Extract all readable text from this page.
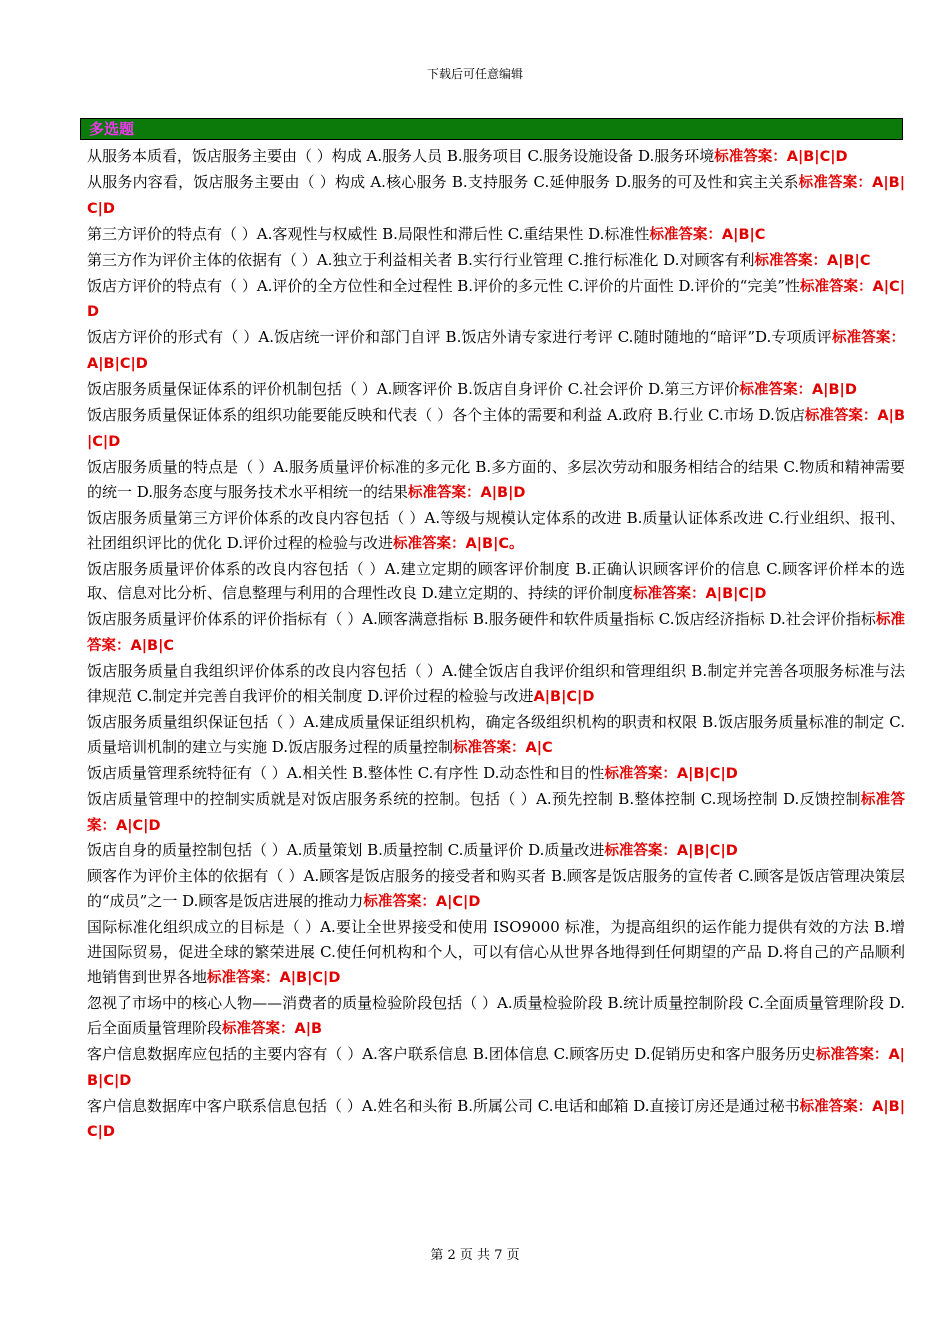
下载后可任意编辑
多选题

从服务本质看，饭店服务主要由（ ）构成 A.服务人员 B.服务项目 C.服务设施设备 D.服务环境标准答案：A|B|C|D

从服务内容看，饭店服务主要由（ ）构成 A.核心服务 B.支持服务 C.延伸服务 D.服务的可及性和宾主关系标准答案：A|B|C|D

第三方评价的特点有（ ）A.客观性与权威性 B.局限性和滞后性 C.重结果性 D.标准性标准答案：A|B|C

第三方作为评价主体的依据有（ ）A.独立于利益相关者 B.实行行业管理 C.推行标准化 D.对顾客有利标准答案：A|B|C

饭店方评价的特点有（ ）A.评价的全方位性和全过程性 B.评价的多元性 C.评价的片面性 D.评价的“完美”性标准答案：A|C|D

饭店方评价的形式有（ ）A.饭店统一评价和部门自评 B.饭店外请专家进行考评 C.随时随地的“暗评”D.专项质评标准答案：A|B|C|D

饭店服务质量保证体系的评价机制包括（ ）A.顾客评价 B.饭店自身评价 C.社会评价 D.第三方评价标准答案：A|B|D

饭店服务质量保证体系的组织功能要能反映和代表（ ）各个主体的需要和利益 A.政府 B.行业 C.市场 D.饭店标准答案：A|B|C|D

饭店服务质量的特点是（ ）A.服务质量评价标准的多元化 B.多方面的、多层次劳动和服务相结合的结果 C.物质和精神需要的统一 D.服务态度与服务技术水平相统一的结果标准答案：A|B|D

饭店服务质量第三方评价体系的改良内容包括（ ）A.等级与规模认定体系的改进 B.质量认证体系改进 C.行业组织、报刊、社团组织评比的优化 D.评价过程的检验与改进标准答案：A|B|C。

饭店服务质量评价体系的改良内容包括（ ）A.建立定期的顾客评价制度 B.正确认识顾客评价的信息 C.顾客评价样本的选取、信息对比分析、信息整理与利用的合理性改良 D.建立定期的、持续的评价制度标准答案：A|B|C|D

饭店服务质量评价体系的评价指标有（ ）A.顾客满意指标 B.服务硬件和软件质量指标 C.饭店经济指标 D.社会评价指标标准答案：A|B|C

饭店服务质量自我组织评价体系的改良内容包括（ ）A.健全饭店自我评价组织和管理组织 B.制定并完善各项服务标准与法律规范 C.制定并完善自我评价的相关制度 D.评价过程的检验与改进A|B|C|D

饭店服务质量组织保证包括（ ）A.建成质量保证组织机构，确定各级组织机构的职责和权限 B.饭店服务质量标准的制定 C.质量培训机制的建立与实施 D.饭店服务过程的质量控制标准答案：A|C

饭店质量管理系统特征有（ ）A.相关性 B.整体性 C.有序性 D.动态性和目的性标准答案：A|B|C|D

饭店质量管理中的控制实质就是对饭店服务系统的控制。包括（ ）A.预先控制 B.整体控制 C.现场控制 D.反馈控制标准答案：A|C|D

饭店自身的质量控制包括（ ）A.质量策划 B.质量控制 C.质量评价 D.质量改进标准答案：A|B|C|D

顾客作为评价主体的依据有（ ）A.顾客是饭店服务的接受者和购买者 B.顾客是饭店服务的宣传者 C.顾客是饭店管理决策层的“成员”之一 D.顾客是饭店进展的推动力标准答案：A|C|D

国际标准化组织成立的目标是（ ）A.要让全世界接受和使用 ISO9000 标准，为提高组织的运作能力提供有效的方法 B.增进国际贸易，促进全球的繁荣进展 C.使任何机构和个人，可以有信心从世界各地得到任何期望的产品 D.将自己的产品顺利地销售到世界各地标准答案：A|B|C|D

忽视了市场中的核心人物——消费者的质量检验阶段包括（ ）A.质量检验阶段 B.统计质量控制阶段 C.全面质量管理阶段 D.后全面质量管理阶段标准答案：A|B

客户信息数据库应包括的主要内容有（ ）A.客户联系信息 B.团体信息 C.顾客历史 D.促销历史和客户服务历史标准答案：A|B|C|D

客户信息数据库中客户联系信息包括（ ）A.姓名和头衔 B.所属公司 C.电话和邮箱 D.直接订房还是通过秘书标准答案：A|B|C|D

第 2 页 共 7 页
